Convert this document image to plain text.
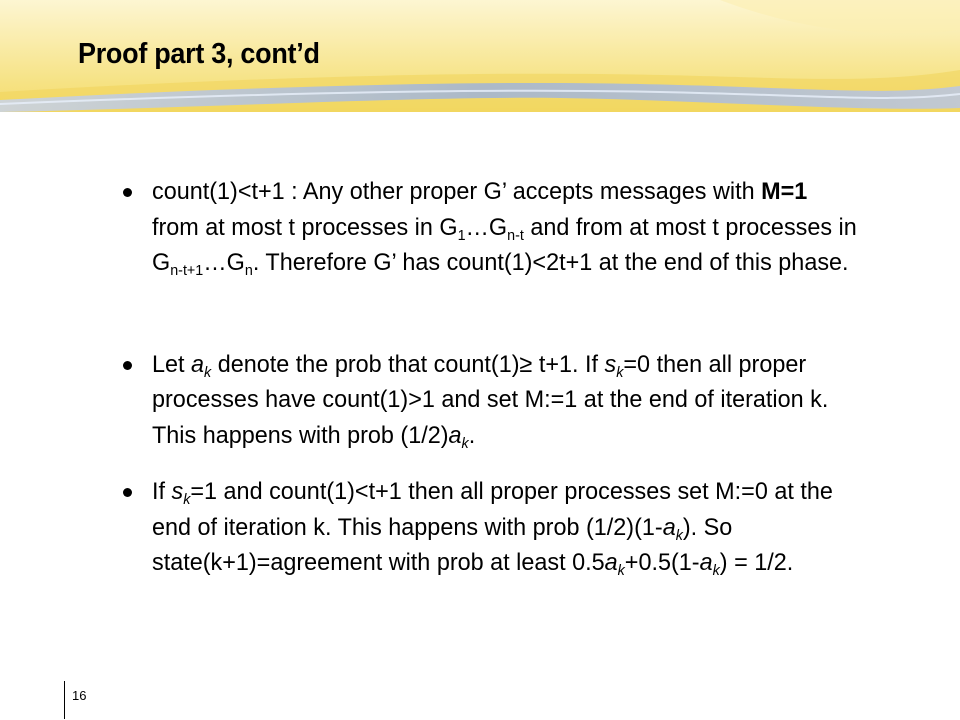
Proof part 3, cont’d
count(1)<t+1 : Any other proper G’ accepts messages with M=1 from at most t processes in $G_1\dots G_{n-t}$ and from at most t processes in $G_{n-t+1}\dots G_n$. Therefore G’ has count(1)<2t+1 at the end of this phase.
Let $a_k$ denote the prob that count(1)≥ t+1. If $s_k=0$ then all proper processes have count(1)>1 and set M:=1 at the end of iteration k. This happens with prob $(1/2)a_k$.
If $s_k=1$ and count(1)<t+1 then all proper processes set M:=0 at the end of iteration k. This happens with prob $(1/2)(1-a_k)$. So state(k+1)=agreement with prob at least $0.5a_k+0.5(1-a_k) = 1/2$.
16
